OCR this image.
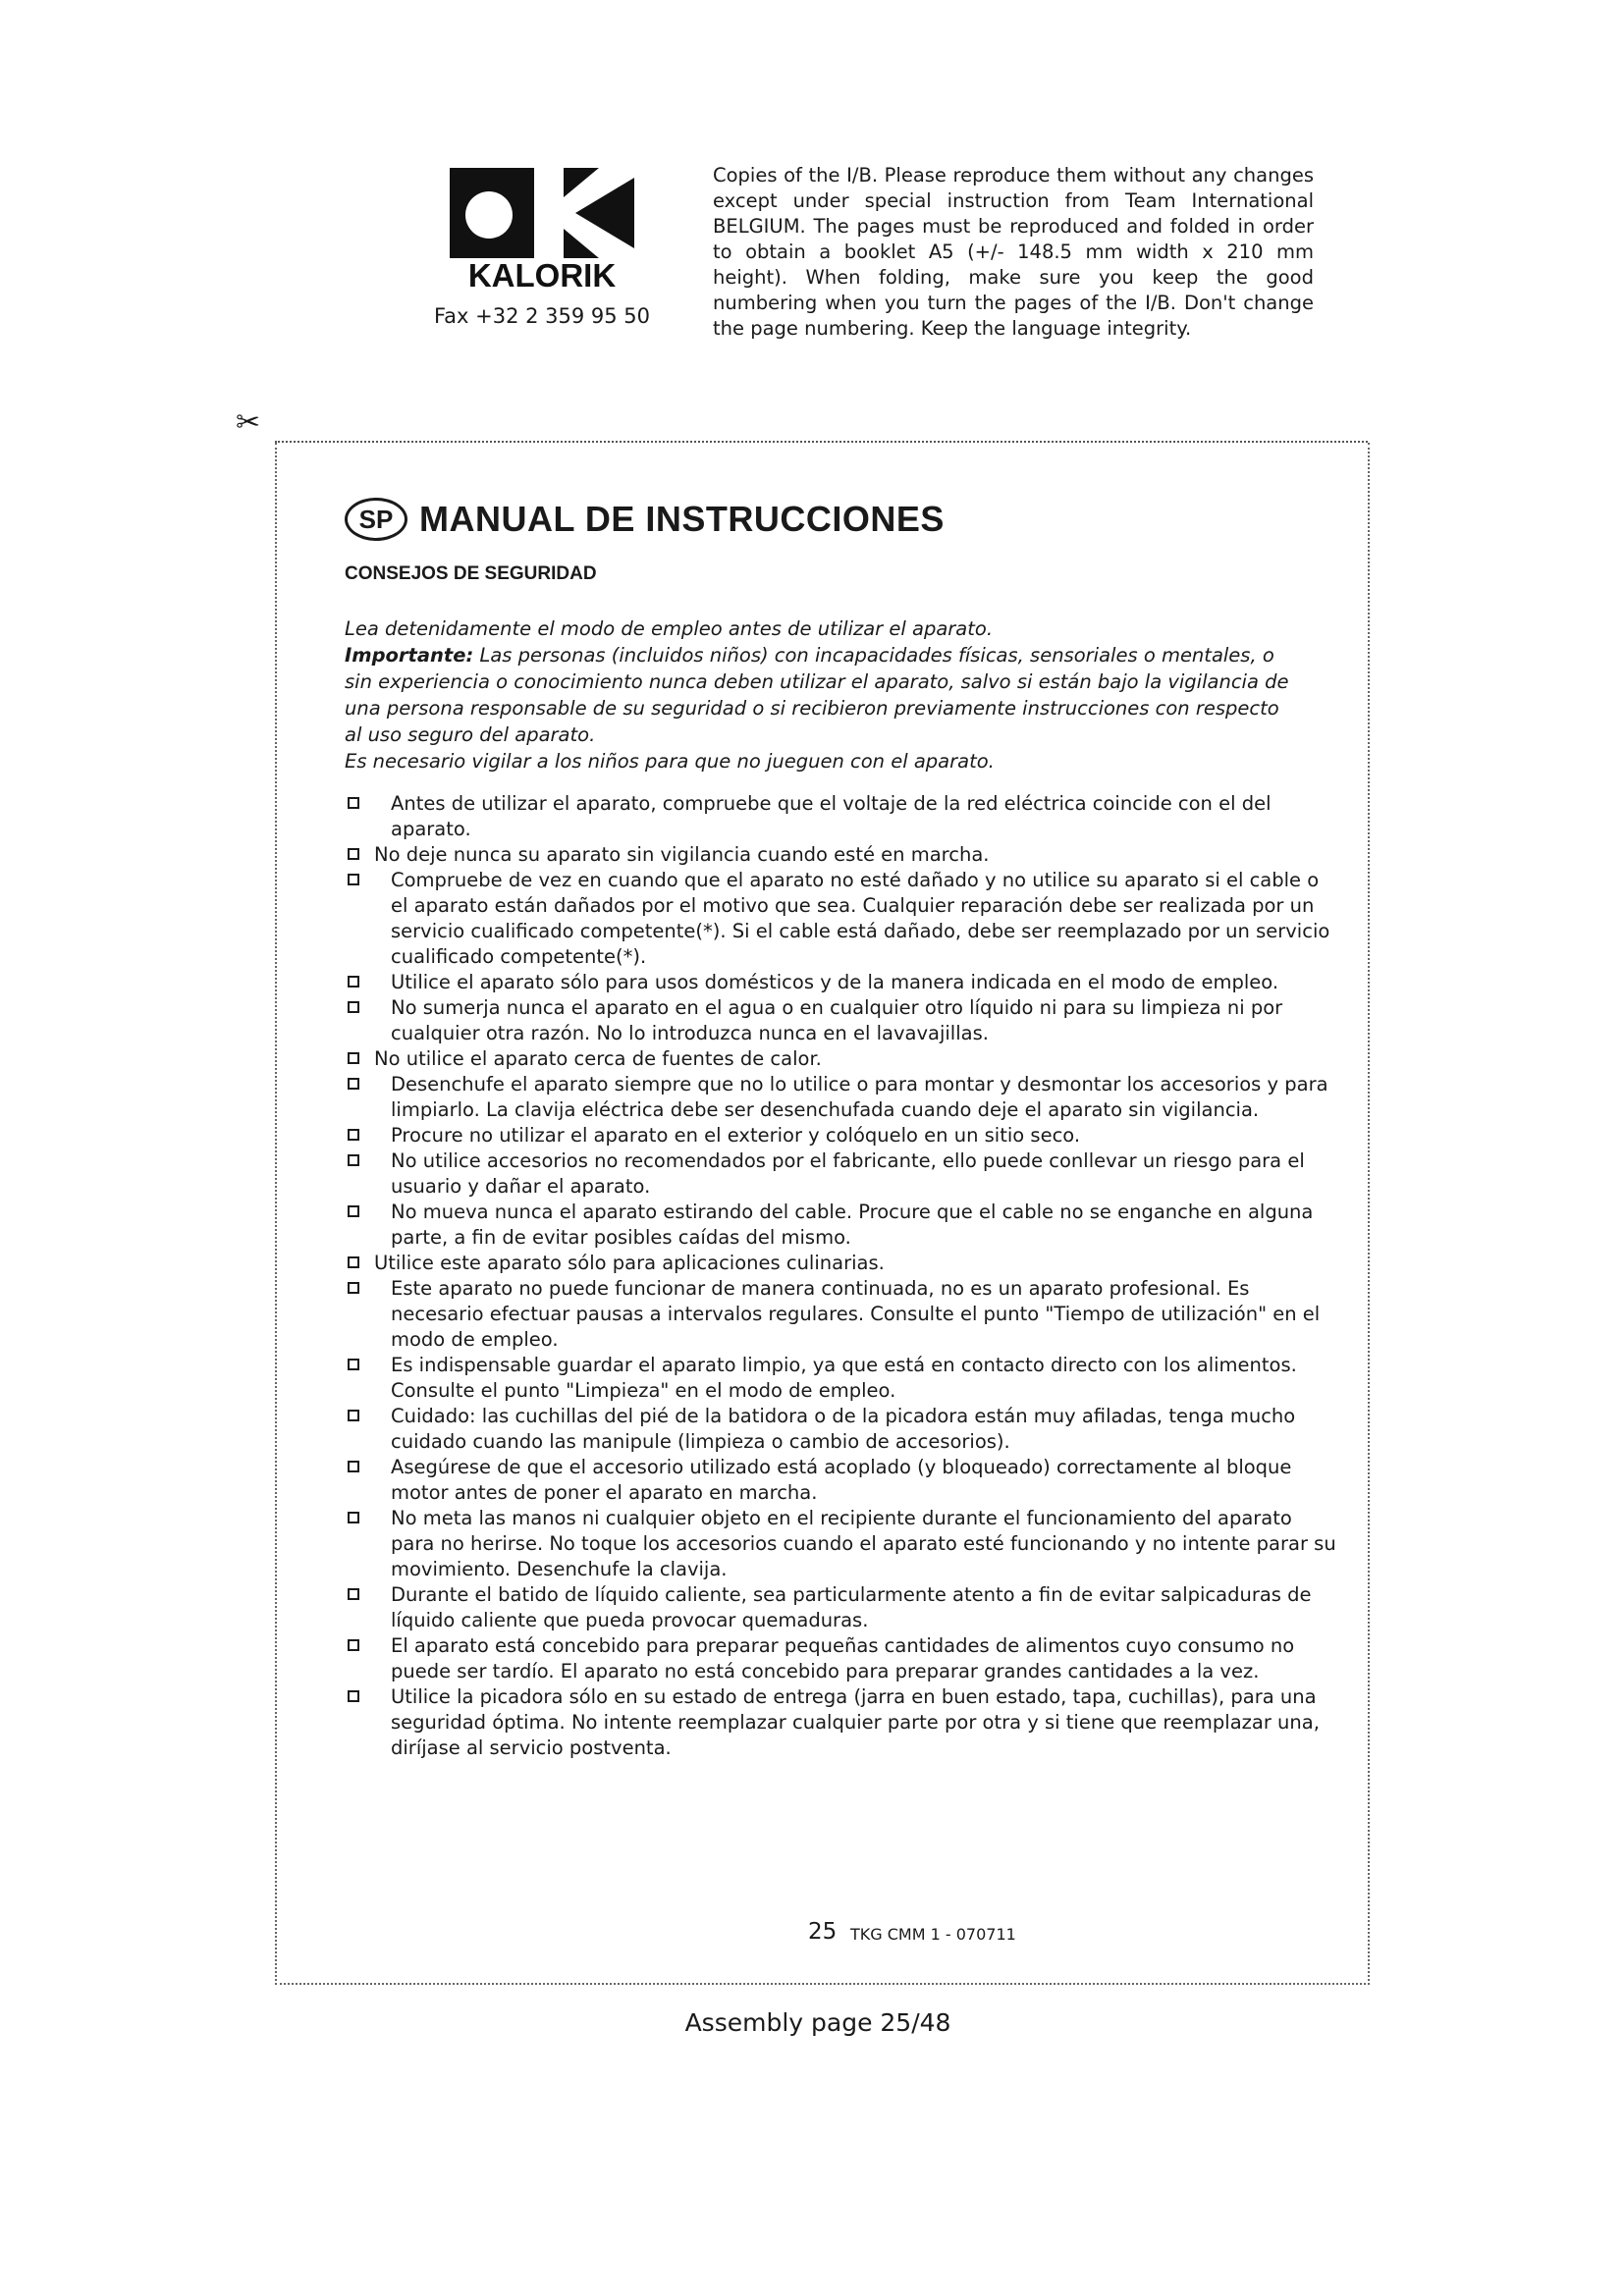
KALORIK
Fax +32 2 359 95 50
Copies of the I/B. Please reproduce them without any changes except under special instruction from Team International BELGIUM. The pages must be reproduced and folded in order to obtain a booklet A5 (+/- 148.5 mm width x 210 mm height). When folding, make sure you keep the good numbering when you turn the pages of the I/B. Don't change the page numbering. Keep the language integrity.
✂
SP MANUAL DE INSTRUCCIONES
CONSEJOS DE SEGURIDAD

Lea detenidamente el modo de empleo antes de utilizar el aparato.

Importante: Las personas (incluidos niños) con incapacidades físicas, sensoriales o mentales, o sin experiencia o conocimiento nunca deben utilizar el aparato, salvo si están bajo la vigilancia de una persona responsable de su seguridad o si recibieron previamente instrucciones con respecto al uso seguro del aparato.

Es necesario vigilar a los niños para que no jueguen con el aparato.

Antes de utilizar el aparato, compruebe que el voltaje de la red eléctrica coincide con el del aparato.
No deje nunca su aparato sin vigilancia cuando esté en marcha.
Compruebe de vez en cuando que el aparato no esté dañado y no utilice su aparato si el cable o el aparato están dañados por el motivo que sea. Cualquier reparación debe ser realizada por un servicio cualificado competente(*). Si el cable está dañado, debe ser reemplazado por un servicio cualificado competente(*).
Utilice el aparato sólo para usos domésticos y de la manera indicada en el modo de empleo.
No sumerja nunca el aparato en el agua o en cualquier otro líquido ni para su limpieza ni por cualquier otra razón. No lo introduzca nunca en el lavavajillas.
No utilice el aparato cerca de fuentes de calor.
Desenchufe el aparato siempre que no lo utilice o para montar y desmontar los accesorios y para limpiarlo. La clavija eléctrica debe ser desenchufada cuando deje el aparato sin vigilancia.
Procure no utilizar el aparato en el exterior y colóquelo en un sitio seco.
No utilice accesorios no recomendados por el fabricante, ello puede conllevar un riesgo para el usuario y dañar el aparato.
No mueva nunca el aparato estirando del cable. Procure que el cable no se enganche en alguna parte, a fin de evitar posibles caídas del mismo.
Utilice este aparato sólo para aplicaciones culinarias.
Este aparato no puede funcionar de manera continuada, no es un aparato profesional. Es necesario efectuar pausas a intervalos regulares. Consulte el punto "Tiempo de utilización" en el modo de empleo.
Es indispensable guardar el aparato limpio, ya que está en contacto directo con los alimentos. Consulte el punto "Limpieza" en el modo de empleo.
Cuidado: las cuchillas del pié de la batidora o de la picadora están muy afiladas, tenga mucho cuidado cuando las manipule (limpieza o cambio de accesorios).
Asegúrese de que el accesorio utilizado está acoplado (y bloqueado) correctamente al bloque motor antes de poner el aparato en marcha.
No meta las manos ni cualquier objeto en el recipiente durante el funcionamiento del aparato para no herirse. No toque los accesorios cuando el aparato esté funcionando y no intente parar su movimiento. Desenchufe la clavija.
Durante el batido de líquido caliente, sea particularmente atento a fin de evitar salpicaduras de líquido caliente que pueda provocar quemaduras.
El aparato está concebido para preparar pequeñas cantidades de alimentos cuyo consumo no puede ser tardío. El aparato no está concebido para preparar grandes cantidades a la vez.
Utilice la picadora sólo en su estado de entrega (jarra en buen estado, tapa, cuchillas), para una seguridad óptima. No intente reemplazar cualquier parte por otra y si tiene que reemplazar una, diríjase al servicio postventa.
25 TKG CMM 1 - 070711
Assembly page 25/48
